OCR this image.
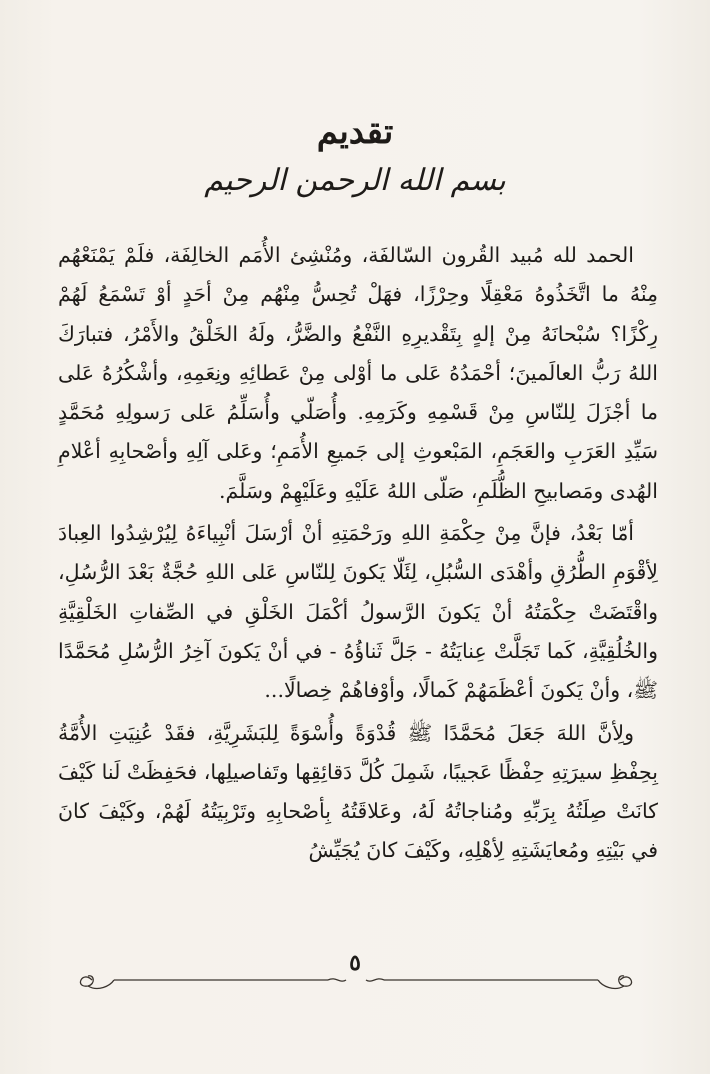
تقديم
بسم الله الرحمن الرحيم

الحمد لله مُبيد القُرون السّالفَة، ومُنْشِئ الأُمَم الخالِفَة، فلَمْ يَمْنَعْهُم مِنْهُ ما اتَّخَذُوهُ مَعْقِلًا وحِرْزًا، فهَلْ تُحِسُّ مِنْهُم مِنْ أحَدٍ أوْ تَسْمَعُ لَهُمْ رِكْزًا؟ سُبْحانَهُ مِنْ إلهٍ بِتَقْديرِهِ النَّفْعُ والضَّرُّ، ولَهُ الخَلْقُ والأَمْرُ، فتبارَكَ اللهُ رَبُّ العالَمينَ؛ أحْمَدُهُ عَلى ما أوْلى مِنْ عَطائِهِ ونِعَمِهِ، وأشْكُرُهُ عَلى ما أجْزَلَ لِلنّاسِ مِنْ قَسْمِهِ وكَرَمِهِ. وأُصَلّي وأُسَلِّمُ عَلى رَسولِهِ مُحَمَّدٍ سَيِّدِ العَرَبِ والعَجَمِ، المَبْعوثِ إلى جَميعِ الأُمَمِ؛ وعَلى آلِهِ وأصْحابِهِ أعْلامِ الهُدى ومَصابيحِ الظُّلَمِ، صَلّى اللهُ عَلَيْهِ وعَلَيْهِمْ وسَلَّمَ.

أمّا بَعْدُ، فإنَّ مِنْ حِكْمَةِ اللهِ ورَحْمَتِهِ أنْ أرْسَلَ أنْبِياءَهُ لِيُرْشِدُوا العِبادَ لِأقْوَمِ الطُّرُقِ وأهْدَى السُّبُلِ، لِئَلّا يَكونَ لِلنّاسِ عَلى اللهِ حُجَّةٌ بَعْدَ الرُّسُلِ، واقْتَضَتْ حِكْمَتُهُ أنْ يَكونَ الرَّسولُ أكْمَلَ الخَلْقِ في الصِّفاتِ الخَلْقِيَّةِ والخُلُقِيَّةِ، كَما تَجَلَّتْ عِنايَتُهُ - جَلَّ ثَناؤُهُ - في أنْ يَكونَ آخِرُ الرُّسُلِ مُحَمَّدًا ﷺ، وأنْ يَكونَ أعْظَمَهُمْ كَمالًا، وأوْفاهُمْ خِصالًا...

ولِأنَّ اللهَ جَعَلَ مُحَمَّدًا ﷺ قُدْوَةً وأُسْوَةً لِلبَشَرِيَّةِ، فقَدْ عُنِيَتِ الأُمَّةُ بِحِفْظِ سيرَتِهِ حِفْظًا عَجيبًا، شَمِلَ كُلَّ دَقائِقِها وتَفاصيلِها، فحَفِظَتْ لَنا كَيْفَ كانَتْ صِلَتُهُ بِرَبِّهِ ومُناجاتُهُ لَهُ، وعَلاقَتُهُ بِأصْحابِهِ وتَرْبِيَتُهُ لَهُمْ، وكَيْفَ كانَ في بَيْتِهِ ومُعايَشَتِهِ لِأهْلِهِ، وكَيْفَ كانَ يُجَيِّشُ

٥
